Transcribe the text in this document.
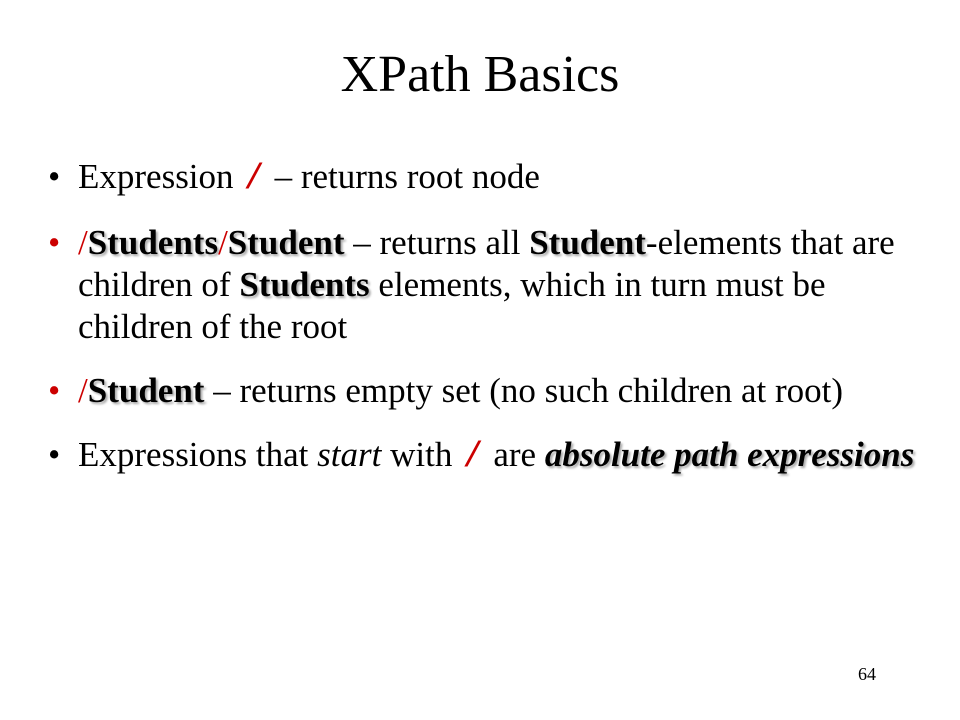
XPath Basics
• Expression / – returns root node
• /Students/Student – returns all Student-elements that are children of Students elements, which in turn must be children of the root
• /Student – returns empty set (no such children at root)
• Expressions that start with / are absolute path expressions
64
